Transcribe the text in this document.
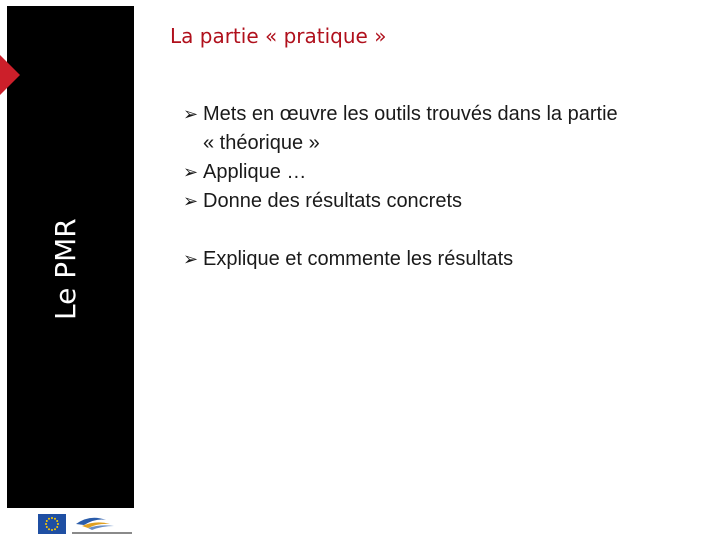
Le PMR
La partie « pratique »
➢ Mets en œuvre les outils trouvés dans la partie « théorique »
➢ Applique …
➢ Donne des résultats concrets
➢ Explique et commente les résultats
